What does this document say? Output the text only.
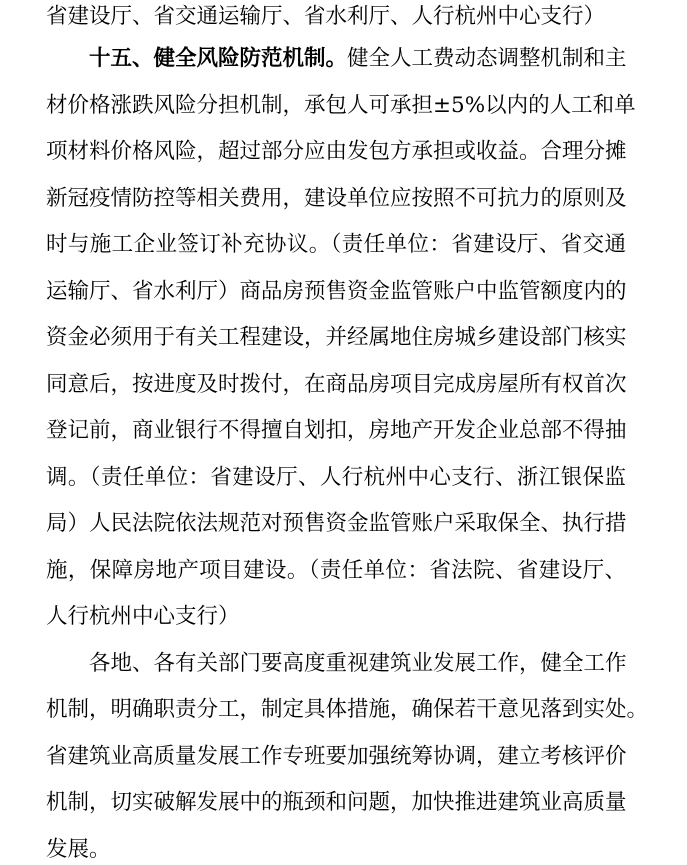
省建设厅、省交通运输厅、省水利厅、人行杭州中心支行）
十五、健全风险防范机制。健全人工费动态调整机制和主
材价格涨跌风险分担机制，承包人可承担±5%以内的人工和单
项材料价格风险，超过部分应由发包方承担或收益。合理分摊
新冠疫情防控等相关费用，建设单位应按照不可抗力的原则及
时与施工企业签订补充协议。（责任单位：省建设厅、省交通
运输厅、省水利厅）商品房预售资金监管账户中监管额度内的
资金必须用于有关工程建设，并经属地住房城乡建设部门核实
同意后，按进度及时拨付，在商品房项目完成房屋所有权首次
登记前，商业银行不得擅自划扣，房地产开发企业总部不得抽
调。（责任单位：省建设厅、人行杭州中心支行、浙江银保监
局）人民法院依法规范对预售资金监管账户采取保全、执行措
施，保障房地产项目建设。（责任单位：省法院、省建设厅、
人行杭州中心支行）
各地、各有关部门要高度重视建筑业发展工作，健全工作
机制，明确职责分工，制定具体措施，确保若干意见落到实处。
省建筑业高质量发展工作专班要加强统筹协调，建立考核评价
机制，切实破解发展中的瓶颈和问题，加快推进建筑业高质量
发展。
